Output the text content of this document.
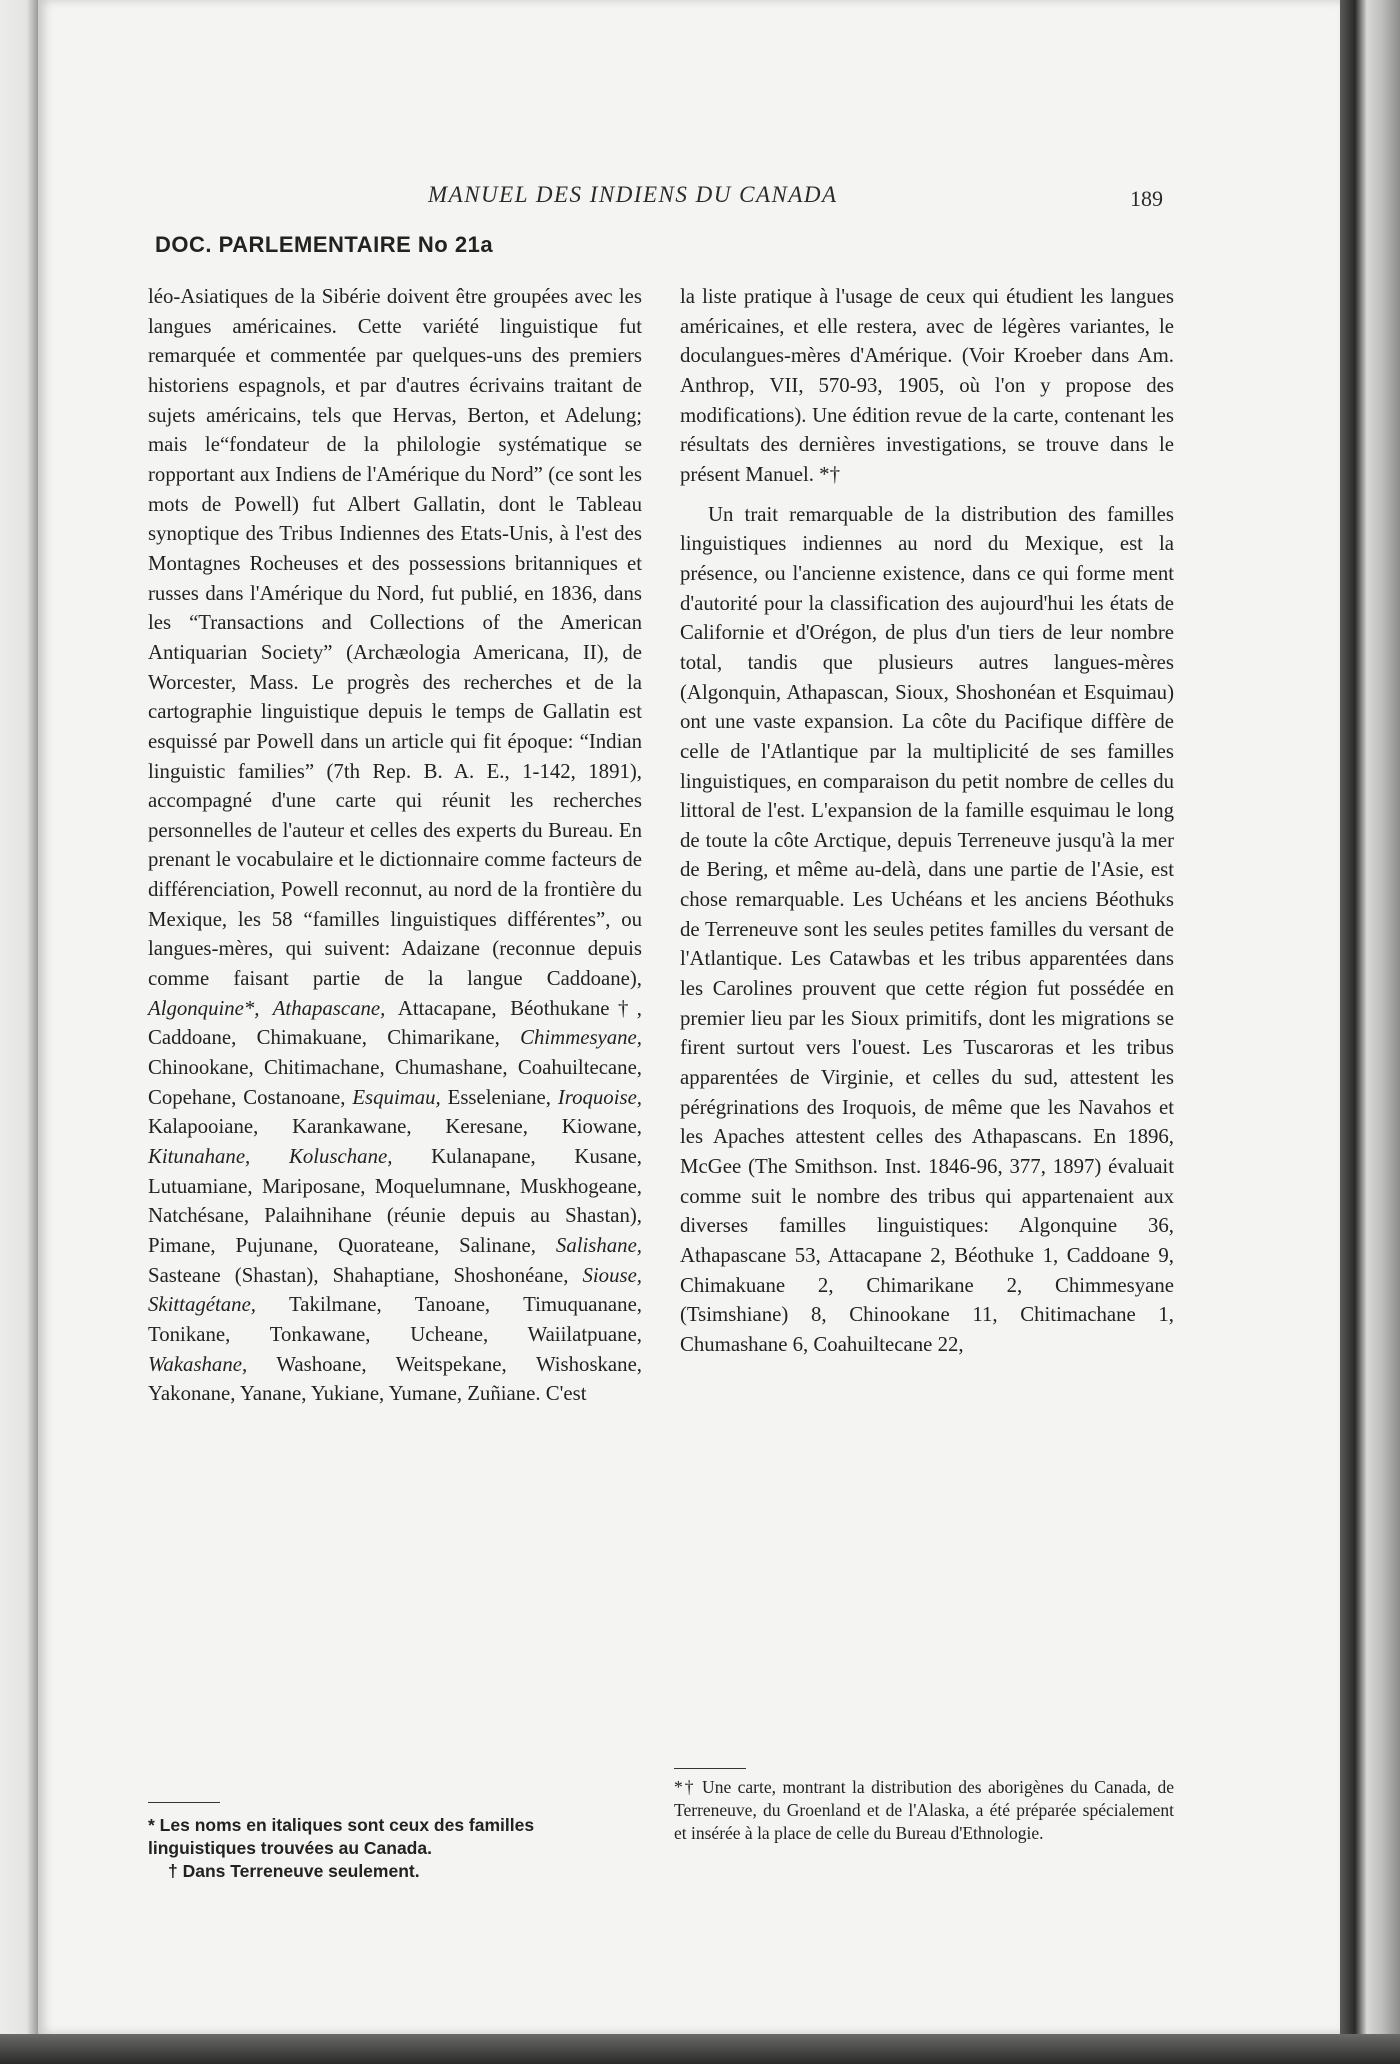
MANUEL DES INDIENS DU CANADA	189
DOC. PARLEMENTAIRE No 21a

léo-Asiatiques de la Sibérie doivent être groupées avec les langues américaines. Cette variété linguistique fut remarquée et commentée par quelques-uns des premiers historiens espagnols, et par d'autres écrivains traitant de sujets américains, tels que Hervas, Berton, et Adelung; mais le“fondateur de la philologie systématique se ropportant aux Indiens de l'Amérique du Nord” (ce sont les mots de Powell) fut Albert Gallatin, dont le Tableau synoptique des Tribus Indiennes des Etats-Unis, à l'est des Montagnes Rocheuses et des possessions britanniques et russes dans l'Amérique du Nord, fut publié, en 1836, dans les “Transactions and Collections of the American Antiquarian Society” (Archæologia Americana, II), de Worcester, Mass. Le progrès des recherches et de la cartographie linguistique depuis le temps de Gallatin est esquissé par Powell dans un article qui fit époque: “Indian linguistic families” (7th Rep. B. A. E., 1-142, 1891), accompagné d'une carte qui réunit les recherches personnelles de l'auteur et celles des experts du Bureau. En prenant le vocabulaire et le dictionnaire comme facteurs de différenciation, Powell reconnut, au nord de la frontière du Mexique, les 58 “familles linguistiques différentes”, ou langues-mères, qui suivent: Adaizane (reconnue depuis comme faisant partie de la langue Caddoane), Algonquine*, Athapascane, Attacapane, Béothukane†, Caddoane, Chimakuane, Chimarikane, Chimmesyane, Chinookane, Chitimachane, Chumashane, Coahuiltecane, Copehane, Costanoane, Esquimau, Esseleniane, Iroquoise, Kalapooiane, Karankawane, Keresane, Kiowane, Kitunahane, Koluschane, Kulanapane, Kusane, Lutuamiane, Mariposane, Moquelumnane, Muskhogeane, Natchésane, Palaihnihane (réunie depuis au Shastan), Pimane, Pujunane, Quorateane, Salinane, Salishane, Sasteane (Shastan), Shahaptiane, Shoshonéane, Siouse, Skittagétane, Takilmane, Tanoane, Timuquanane, Tonikane, Tonkawane, Ucheane, Waiilatpuane, Wakashane, Washoane, Weitspekane, Wishoskane, Yakonane, Yanane, Yukiane, Yumane, Zuñiane. C'est

* Les noms en italiques sont ceux des familles linguistiques trouvées au Canada.

† Dans Terreneuve seulement.

la liste pratique à l'usage de ceux qui étudient les langues américaines, et elle restera, avec de légères variantes, le doculangues-mères d'Amérique. (Voir Kroeber dans Am. Anthrop, VII, 570-93, 1905, où l'on y propose des modifications). Une édition revue de la carte, contenant les résultats des dernières investigations, se trouve dans le présent Manuel. *†

Un trait remarquable de la distribution des familles linguistiques indiennes au nord du Mexique, est la présence, ou l'ancienne existence, dans ce qui forme ment d'autorité pour la classification des aujourd'hui les états de Californie et d'Orégon, de plus d'un tiers de leur nombre total, tandis que plusieurs autres langues-mères (Algonquin, Athapascan, Sioux, Shoshonéan et Esquimau) ont une vaste expansion. La côte du Pacifique diffère de celle de l'Atlantique par la multiplicité de ses familles linguistiques, en comparaison du petit nombre de celles du littoral de l'est. L'expansion de la famille esquimau le long de toute la côte Arctique, depuis Terreneuve jusqu'à la mer de Bering, et même au-delà, dans une partie de l'Asie, est chose remarquable. Les Uchéans et les anciens Béothuks de Terreneuve sont les seules petites familles du versant de l'Atlantique. Les Catawbas et les tribus apparentées dans les Carolines prouvent que cette région fut possédée en premier lieu par les Sioux primitifs, dont les migrations se firent surtout vers l'ouest. Les Tuscaroras et les tribus apparentées de Virginie, et celles du sud, attestent les pérégrinations des Iroquois, de même que les Navahos et les Apaches attestent celles des Athapascans. En 1896, McGee (The Smithson. Inst. 1846-96, 377, 1897) évaluait comme suit le nombre des tribus qui appartenaient aux diverses familles linguistiques: Algonquine 36, Athapascane 53, Attacapane 2, Béothuke 1, Caddoane 9, Chimakuane 2, Chimarikane 2, Chimmesyane (Tsimshiane) 8, Chinookane 11, Chitimachane 1, Chumashane 6, Coahuiltecane 22,

*† Une carte, montrant la distribution des aborigènes du Canada, de Terreneuve, du Groenland et de l'Alaska, a été préparée spécialement et insérée à la place de celle du Bureau d'Ethnologie.
